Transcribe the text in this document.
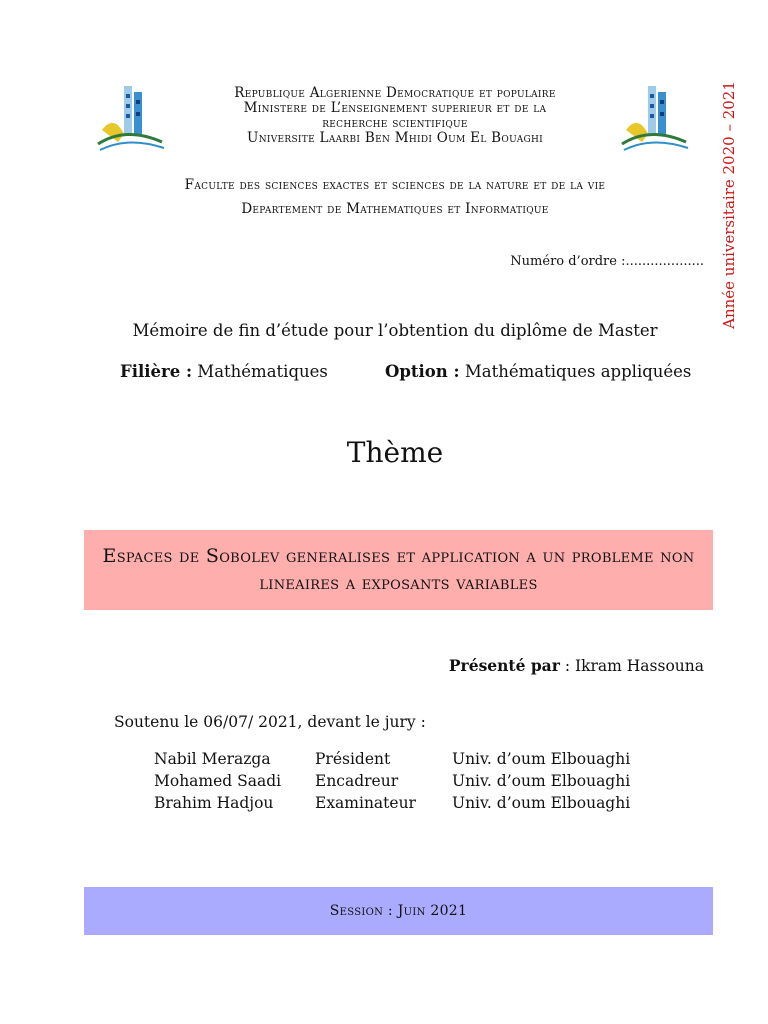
Republique Algerienne Democratique et populaire
Ministere de L’enseignement superieur et de la
recherche scientifique
Universite Laarbi Ben Mhidi Oum El Bouaghi
Faculte des sciences exactes et sciences de la nature et de la vie
Departement de Mathematiques et Informatique	Année universitaire 2020 – 2021
Numéro d’ordre :...................
Mémoire de fin d’étude pour l’obtention du diplôme de Master
Filière : Mathématiques	Option : Mathématiques appliquées
Thème
Espaces de Sobolev generalises et application a un probleme non lineaires a exposants variables
Présenté par : Ikram Hassouna
Soutenu le 06/07/ 2021, devant le jury :
Nabil Merazga	Président	Univ. d’oum Elbouaghi
Mohamed Saadi	Encadreur	Univ. d’oum Elbouaghi
Brahim Hadjou	Examinateur	Univ. d’oum Elbouaghi
Session : Juin 2021
